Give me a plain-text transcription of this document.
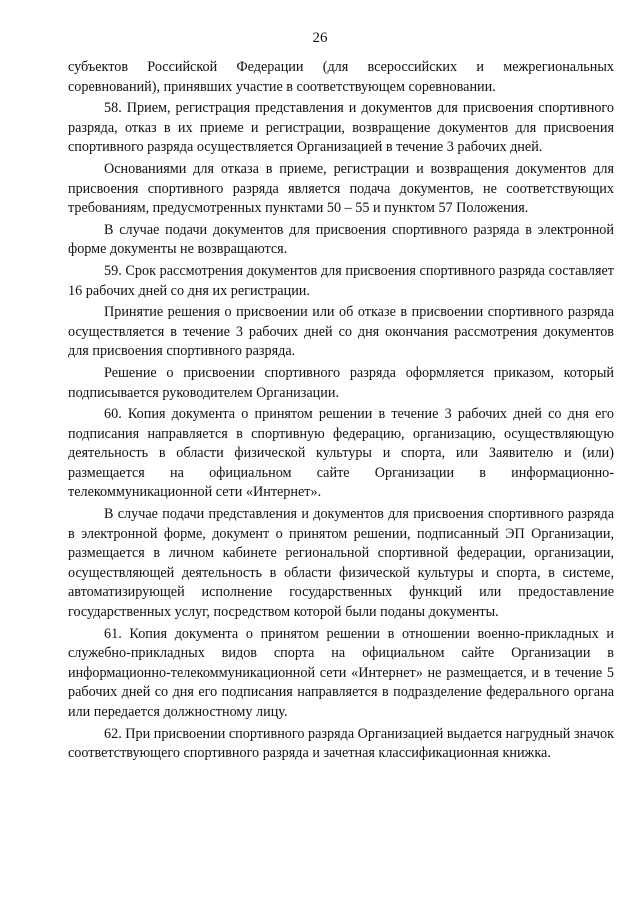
26

субъектов Российской Федерации (для всероссийских и межрегиональных соревнований), принявших участие в соответствующем соревновании.

58. Прием, регистрация представления и документов для присвоения спортивного разряда, отказ в их приеме и регистрации, возвращение документов для присвоения спортивного разряда осуществляется Организацией в течение 3 рабочих дней.

Основаниями для отказа в приеме, регистрации и возвращения документов для присвоения спортивного разряда является подача документов, не соответствующих требованиям, предусмотренных пунктами 50 – 55 и пунктом 57 Положения.

В случае подачи документов для присвоения спортивного разряда в электронной форме документы не возвращаются.

59. Срок рассмотрения документов для присвоения спортивного разряда составляет 16 рабочих дней со дня их регистрации.

Принятие решения о присвоении или об отказе в присвоении спортивного разряда осуществляется в течение 3 рабочих дней со дня окончания рассмотрения документов для присвоения спортивного разряда.

Решение о присвоении спортивного разряда оформляется приказом, который подписывается руководителем Организации.

60. Копия документа о принятом решении в течение 3 рабочих дней со дня его подписания направляется в спортивную федерацию, организацию, осуществляющую деятельность в области физической культуры и спорта, или Заявителю и (или) размещается на официальном сайте Организации в информационно-телекоммуникационной сети «Интернет».

В случае подачи представления и документов для присвоения спортивного разряда в электронной форме, документ о принятом решении, подписанный ЭП Организации, размещается в личном кабинете региональной спортивной федерации, организации, осуществляющей деятельность в области физической культуры и спорта, в системе, автоматизирующей исполнение государственных функций или предоставление государственных услуг, посредством которой были поданы документы.

61. Копия документа о принятом решении в отношении военно-прикладных и служебно-прикладных видов спорта на официальном сайте Организации в информационно-телекоммуникационной сети «Интернет» не размещается, и в течение 5 рабочих дней со дня его подписания направляется в подразделение федерального органа или передается должностному лицу.

62. При присвоении спортивного разряда Организацией выдается нагрудный значок соответствующего спортивного разряда и зачетная классификационная книжка.
